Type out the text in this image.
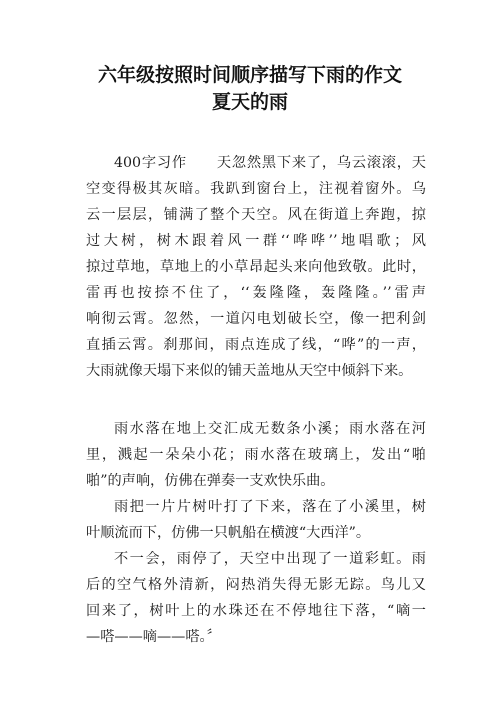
六年级按照时间顺序描写下雨的作文
夏天的雨
400字习作　　天忽然黑下来了，乌云滚滚，天
空变得极其灰暗。我趴到窗台上，注视着窗外。乌
云一层层，铺满了整个天空。风在街道上奔跑，掠
过大树，树木跟着风一群‘‘哗哗’’地唱歌；风
掠过草地，草地上的小草昂起头来向他致敬。此时，
雷再也按捺不住了，‘‘轰隆隆，轰隆隆。’’雷声
响彻云霄。忽然，一道闪电划破长空，像一把利剑
直插云霄。刹那间，雨点连成了线，“哗”的一声，
大雨就像天塌下来似的铺天盖地从天空中倾斜下来。
雨水落在地上交汇成无数条小溪；雨水落在河
里，溅起一朵朵小花；雨水落在玻璃上，发出“啪
啪”的声响，仿佛在弹奏一支欢快乐曲。
雨把一片片树叶打了下来，落在了小溪里，树
叶顺流而下，仿佛一只帆船在横渡“大西洋”。
不一会，雨停了，天空中出现了一道彩虹。雨
后的空气格外清新，闷热消失得无影无踪。鸟儿又
回来了，树叶上的水珠还在不停地往下落，“嘀一
—嗒——嘀——嗒。〞
